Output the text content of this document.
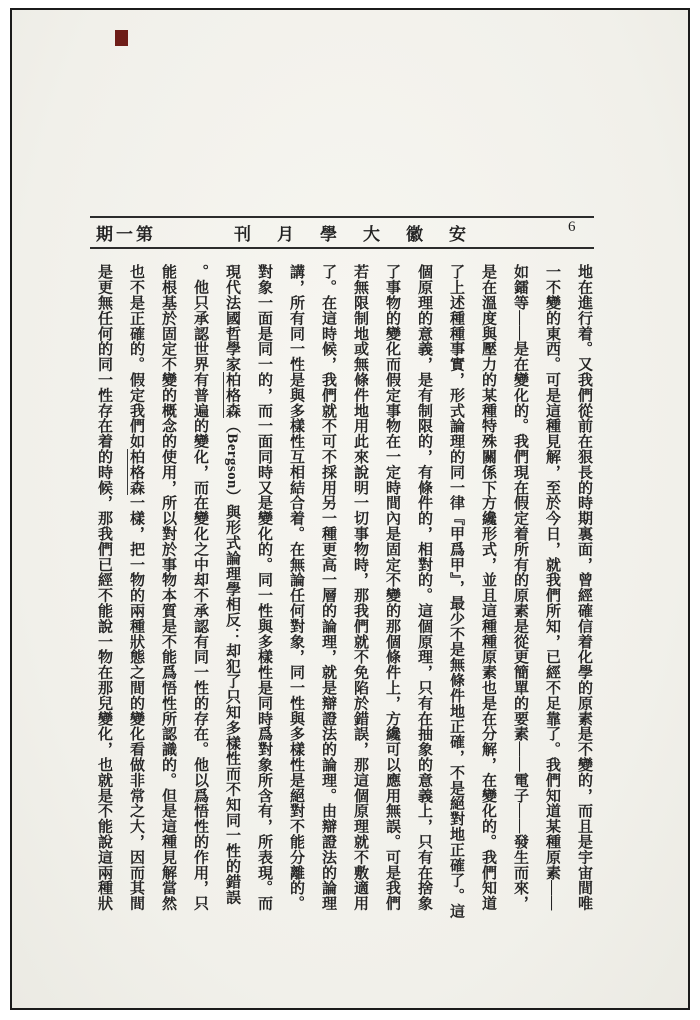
期一第	刊月學大徽安	6
地在進行着。又我們從前在狠長的時期裏面，曾經確信着化學的原素是不變的，而且是宇宙間唯
一不變的東西。可是這種見解，至於今日，就我們所知，已經不足靠了。我們知道某種原素——
如鐳等——是在變化的。我們現在假定着所有的原素是從更簡單的要素——電子——發生而來，
是在溫度與壓力的某種特殊關係下方纔形式，並且這種種原素也是在分解，在變化的。我們知道
了上述種種事實，形式論理的同一律『甲爲甲』，最少不是無條件地正確，不是絕對地正確了。這
個原理的意義，是有制限的，有條件的，相對的。這個原理，只有在抽象的意義上，只有在捨象
了事物的變化而假定事物在一定時間內是固定不變的那個條件上，方纔可以應用無誤。可是我們
若無限制地或無條件地用此來說明一切事物時，那我們就不免陷於錯誤，那這個原理就不敷適用
了。在這時候，我們就不可不採用另一種更高一層的論理，就是辯證法的論理。由辯證法的論理
講，所有同一性是與多樣性互相結合着。在無論任何對象，同一性與多樣性是絕對不能分離的。
對象一面是同一的，而一面同時又是變化的。同一性與多樣性是同時爲對象所含有，所表現。而
現代法國哲學家柏格森（Bergson）與形式論理學相反：却犯了只知多樣性而不知同一性的錯誤
。他只承認世界有普遍的變化，而在變化之中却不承認有同一性的存在。他以爲悟性的作用，只
能根基於固定不變的概念的使用，所以對於事物本質是不能爲悟性所認識的。但是這種見解當然
也不是正確的。假定我們如柏格森一樣，把一物的兩種狀態之間的變化看做非常之大，因而其間
是更無任何的同一性存在着的時候，那我們已經不能說一物在那兒變化，也就是不能說這兩種狀
